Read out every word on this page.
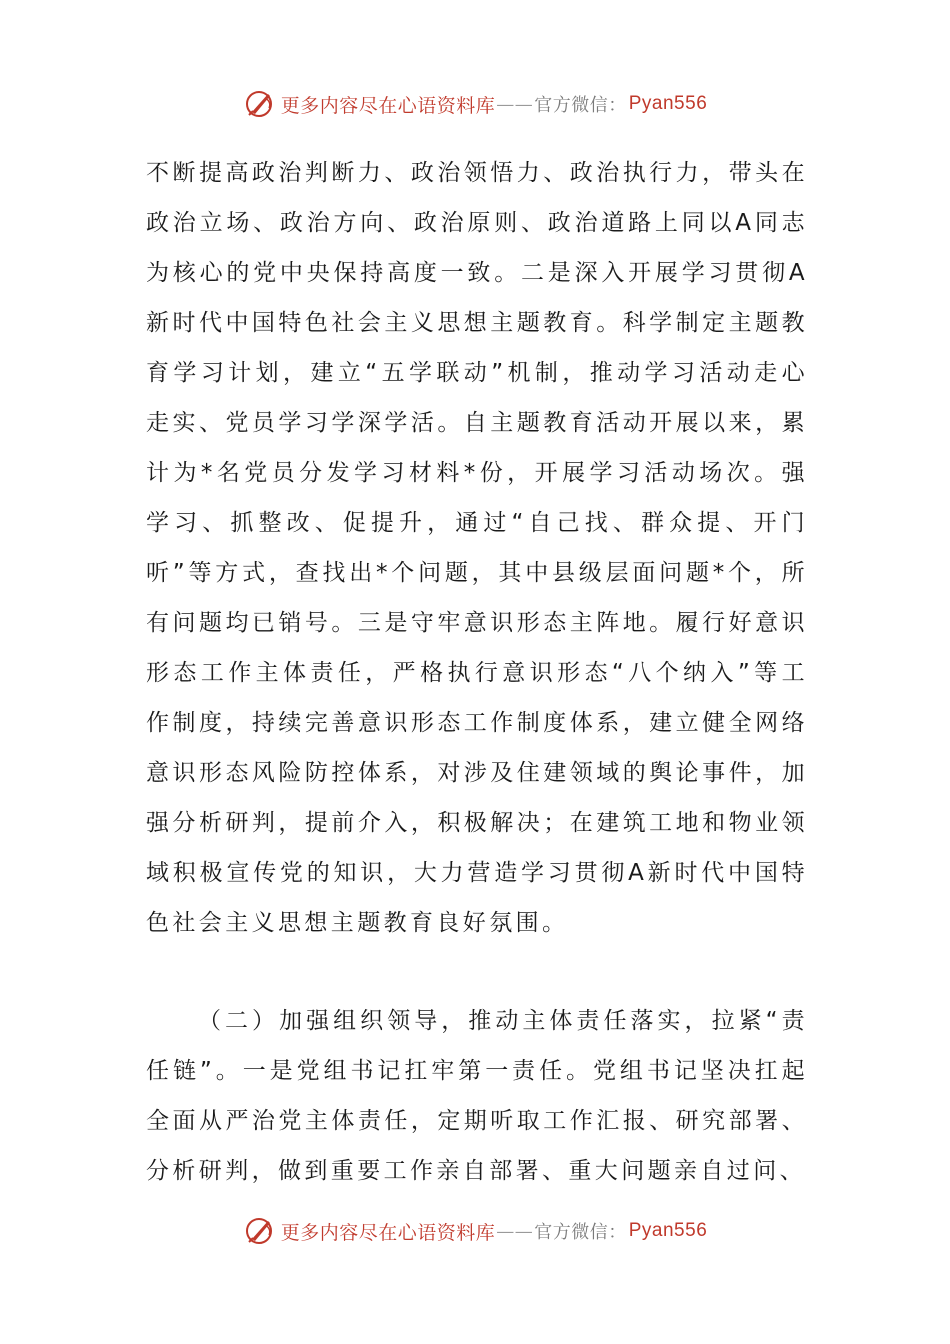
更多内容尽在心语资料库 —— 官方微信： Pyan556

不断提高政治判断力、政治领悟力、政治执行力，带头在政治立场、政治方向、政治原则、政治道路上同以A同志为核心的党中央保持高度一致。二是深入开展学习贯彻A新时代中国特色社会主义思想主题教育。科学制定主题教育学习计划，建立“五学联动”机制，推动学习活动走心走实、党员学习学深学活。自主题教育活动开展以来，累计为*名党员分发学习材料*份，开展学习活动场次。强学习、抓整改、促提升，通过“自己找、群众提、开门听”等方式，查找出*个问题，其中县级层面问题*个，所有问题均已销号。三是守牢意识形态主阵地。履行好意识形态工作主体责任，严格执行意识形态“八个纳入”等工作制度，持续完善意识形态工作制度体系，建立健全网络意识形态风险防控体系，对涉及住建领域的舆论事件，加强分析研判，提前介入，积极解决；在建筑工地和物业领域积极宣传党的知识，大力营造学习贯彻A新时代中国特色社会主义思想主题教育良好氛围。

（二）加强组织领导，推动主体责任落实，拉紧“责任链”。一是党组书记扛牢第一责任。党组书记坚决扛起全面从严治党主体责任，定期听取工作汇报、研究部署、分析研判，做到重要工作亲自部署、重大问题亲自过问、

更多内容尽在心语资料库 —— 官方微信： Pyan556
